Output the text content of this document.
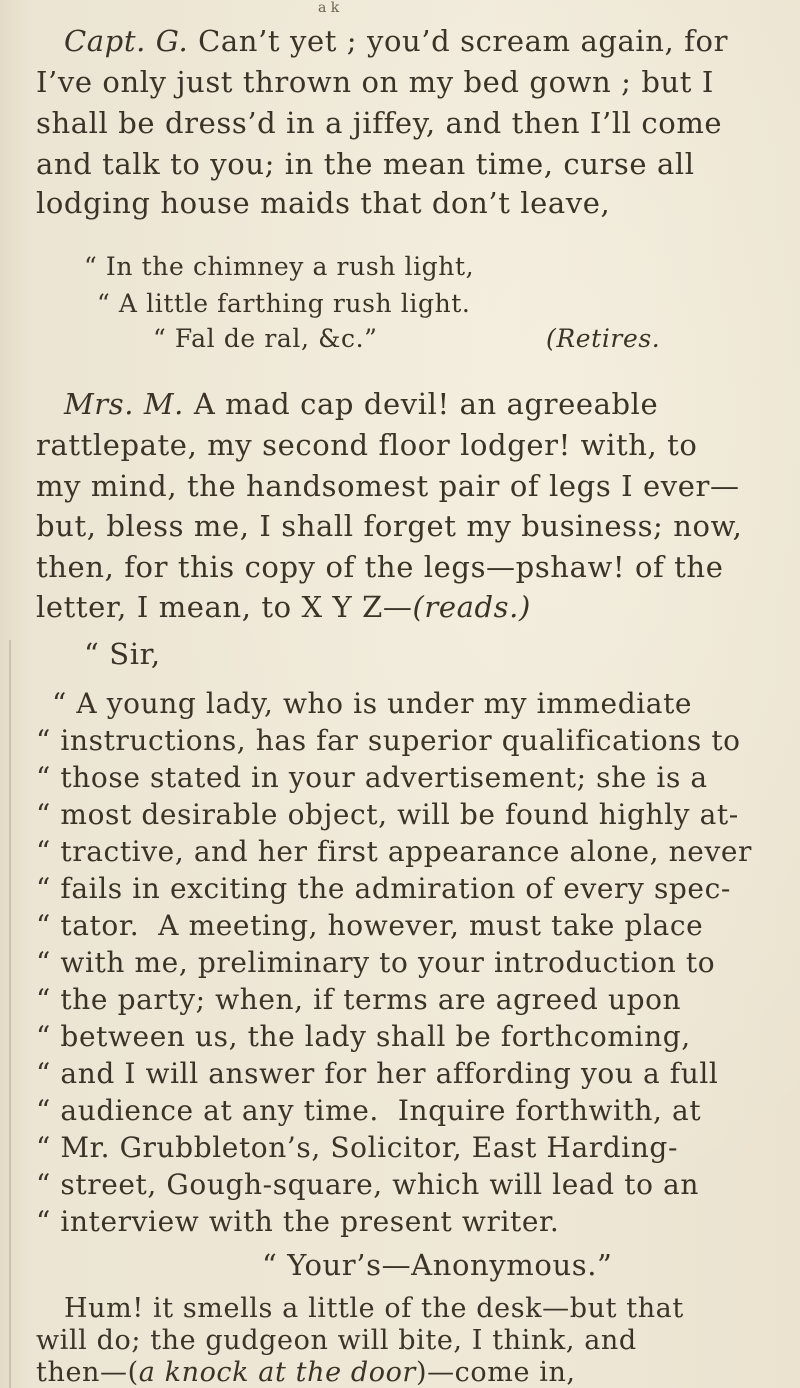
a k
Capt. G. Can’t yet ; you’d scream again, for
I’ve only just thrown on my bed gown ; but I
shall be dress’d in a jiffey, and then I’ll come
and talk to you; in the mean time, curse all
lodging house maids that don’t leave,
“ In the chimney a rush light,
“ A little farthing rush light.
“ Fal de ral, &c.”	(Retires.
Mrs. M. A mad cap devil! an agreeable
rattlepate, my second floor lodger! with, to
my mind, the handsomest pair of legs I ever—
but, bless me, I shall forget my business; now,
then, for this copy of the legs—pshaw! of the
letter, I mean, to X Y Z—(reads.)
“ Sir,
“ A young lady, who is under my immediate
“ instructions, has far superior qualifications to
“ those stated in your advertisement; she is a
“ most desirable object, will be found highly at-
“ tractive, and her first appearance alone, never
“ fails in exciting the admiration of every spec-
“ tator.  A meeting, however, must take place
“ with me, preliminary to your introduction to
“ the party; when, if terms are agreed upon
“ between us, the lady shall be forthcoming,
“ and I will answer for her affording you a full
“ audience at any time.  Inquire forthwith, at
“ Mr. Grubbleton’s, Solicitor, East Harding-
“ street, Gough-square, which will lead to an
“ interview with the present writer.
“ Your’s—Anonymous.”
Hum! it smells a little of the desk—but that
will do; the gudgeon will bite, I think, and
then—(a knock at the door)—come in,
